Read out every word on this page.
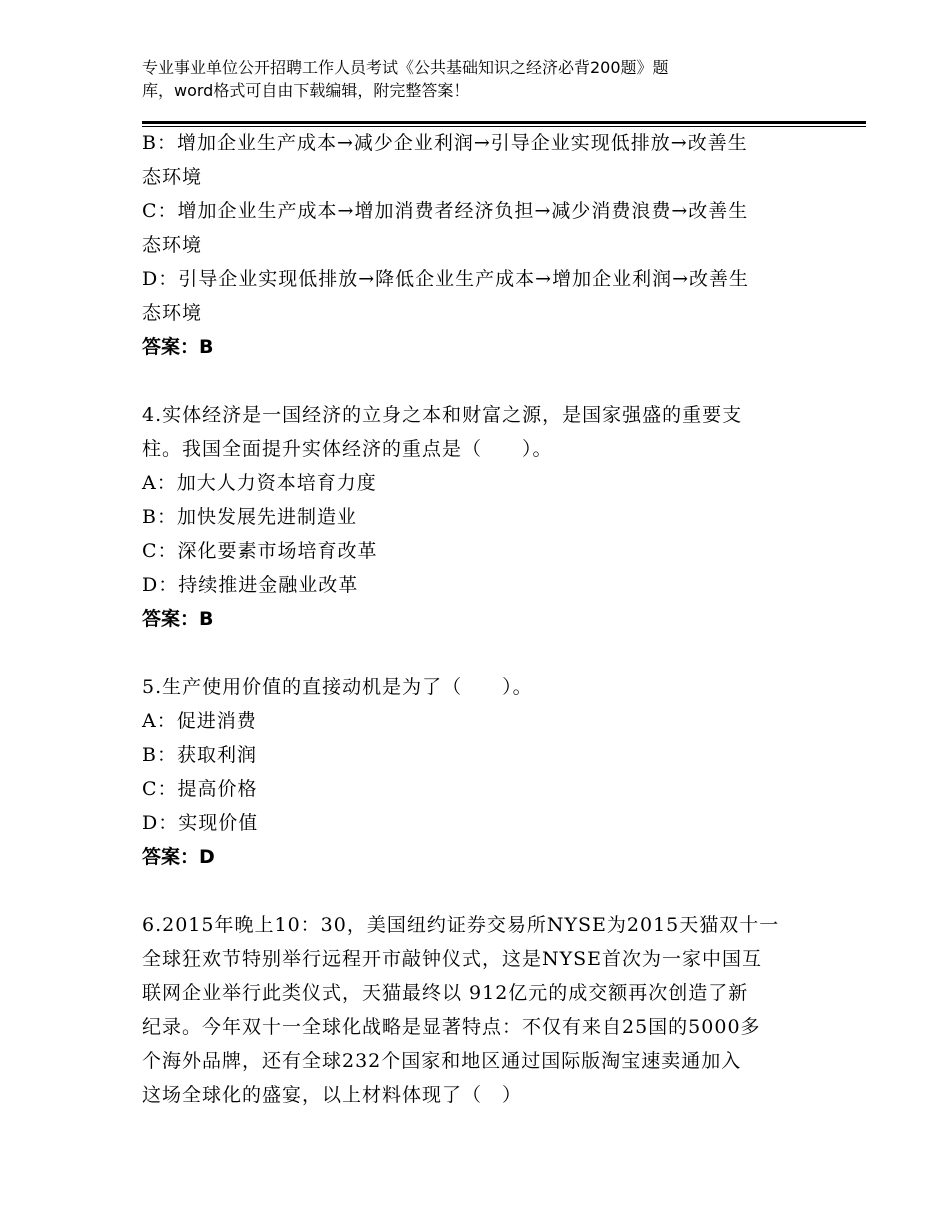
专业事业单位公开招聘工作人员考试《公共基础知识之经济必背200题》题
库，word格式可自由下载编辑，附完整答案！
B：增加企业生产成本→减少企业利润→引导企业实现低排放→改善生
态环境
C：增加企业生产成本→增加消费者经济负担→减少消费浪费→改善生
态环境
D：引导企业实现低排放→降低企业生产成本→增加企业利润→改善生
态环境
答案：B
4.实体经济是一国经济的立身之本和财富之源，是国家强盛的重要支
柱。我国全面提升实体经济的重点是（　　）。
A：加大人力资本培育力度
B：加快发展先进制造业
C：深化要素市场培育改革
D：持续推进金融业改革
答案：B
5.生产使用价值的直接动机是为了（　　）。
A：促进消费
B：获取利润
C：提高价格
D：实现价值
答案：D
6.2015年晚上10：30，美国纽约证券交易所NYSE为2015天猫双十一
全球狂欢节特别举行远程开市敲钟仪式，这是NYSE首次为一家中国互
联网企业举行此类仪式，天猫最终以 912亿元的成交额再次创造了新
纪录。今年双十一全球化战略是显著特点：不仅有来自25国的5000多
个海外品牌，还有全球232个国家和地区通过国际版淘宝速卖通加入
这场全球化的盛宴，以上材料体现了（　）
